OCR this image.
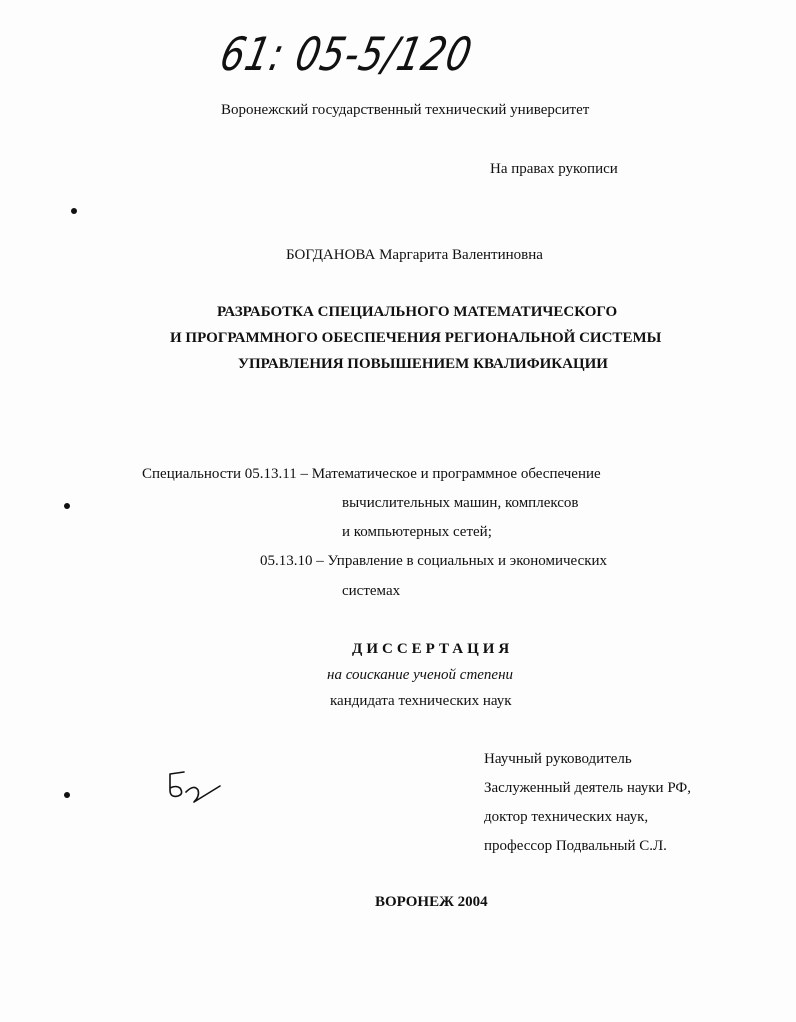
61: 05-5/120
Воронежский государственный технический университет
На правах рукописи
БОГДАНОВА Маргарита Валентиновна
РАЗРАБОТКА СПЕЦИАЛЬНОГО МАТЕМАТИЧЕСКОГО
И ПРОГРАММНОГО ОБЕСПЕЧЕНИЯ РЕГИОНАЛЬНОЙ СИСТЕМЫ
УПРАВЛЕНИЯ ПОВЫШЕНИЕМ КВАЛИФИКАЦИИ
Специальности 05.13.11 – Математическое и программное обеспечение
вычислительных машин, комплексов
и компьютерных сетей;
05.13.10 – Управление в социальных и экономических
системах
ДИССЕРТАЦИЯ
на соискание ученой степени
кандидата технических наук
Научный руководитель
Заслуженный деятель науки РФ,
доктор технических наук,
профессор Подвальный С.Л.
ВОРОНЕЖ 2004
